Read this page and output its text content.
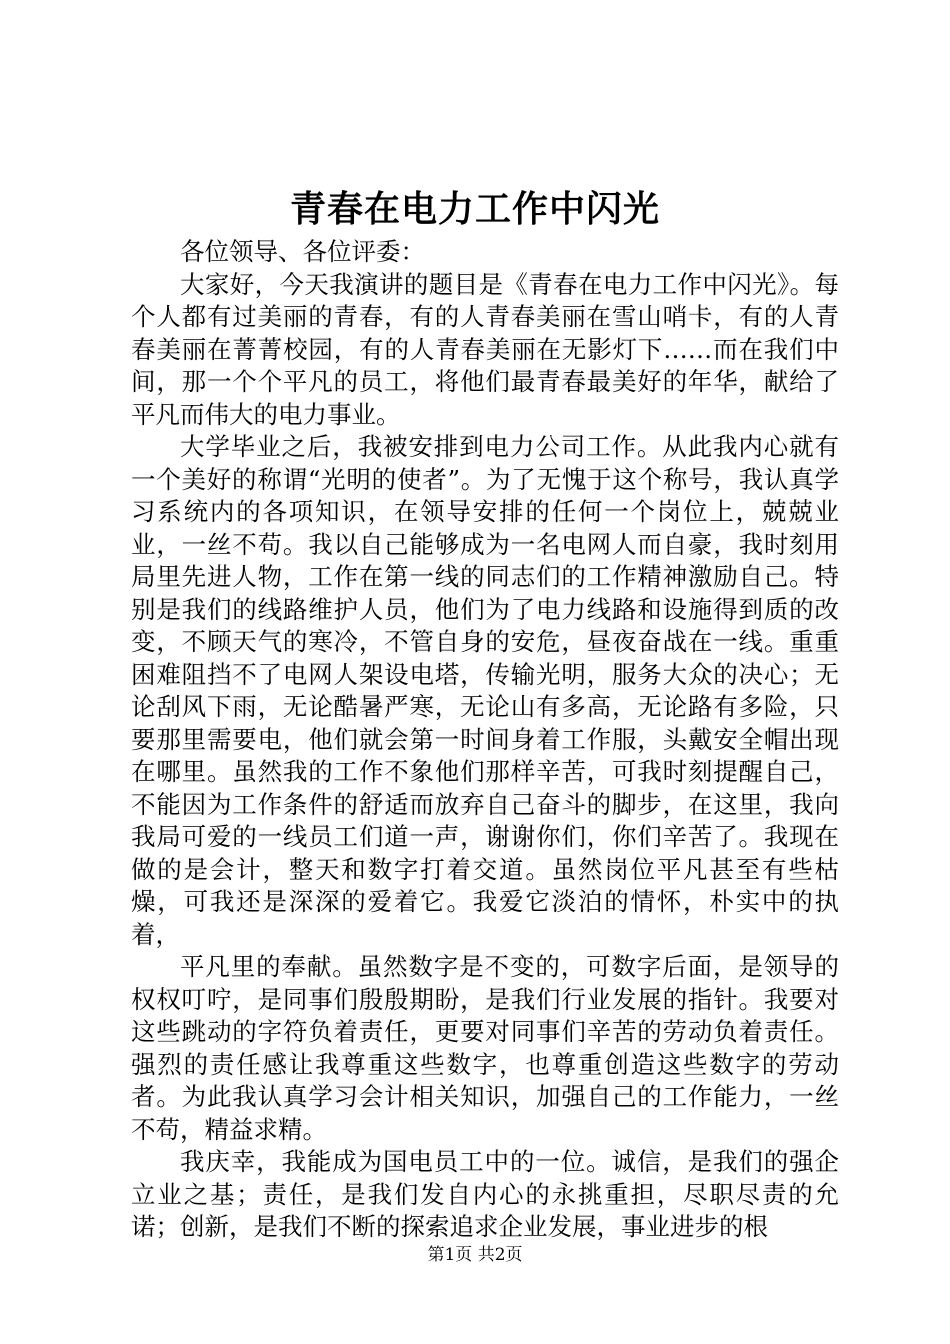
青春在电力工作中闪光

各位领导、各位评委：

大家好，今天我演讲的题目是《青春在电力工作中闪光》。每个人都有过美丽的青春，有的人青春美丽在雪山哨卡，有的人青春美丽在菁菁校园，有的人青春美丽在无影灯下……而在我们中间，那一个个平凡的员工，将他们最青春最美好的年华，献给了平凡而伟大的电力事业。

大学毕业之后，我被安排到电力公司工作。从此我内心就有一个美好的称谓“光明的使者”。为了无愧于这个称号，我认真学习系统内的各项知识，在领导安排的任何一个岗位上，兢兢业业，一丝不苟。我以自己能够成为一名电网人而自豪，我时刻用局里先进人物，工作在第一线的同志们的工作精神激励自己。特别是我们的线路维护人员，他们为了电力线路和设施得到质的改变，不顾天气的寒冷，不管自身的安危，昼夜奋战在一线。重重困难阻挡不了电网人架设电塔，传输光明，服务大众的决心；无论刮风下雨，无论酷暑严寒，无论山有多高，无论路有多险，只要那里需要电，他们就会第一时间身着工作服，头戴安全帽出现在哪里。虽然我的工作不象他们那样辛苦，可我时刻提醒自己，不能因为工作条件的舒适而放弃自己奋斗的脚步，在这里，我向我局可爱的一线员工们道一声，谢谢你们，你们辛苦了。我现在做的是会计，整天和数字打着交道。虽然岗位平凡甚至有些枯燥，可我还是深深的爱着它。我爱它淡泊的情怀，朴实中的执着，

平凡里的奉献。虽然数字是不变的，可数字后面，是领导的权权叮咛，是同事们殷殷期盼，是我们行业发展的指针。我要对这些跳动的字符负着责任，更要对同事们辛苦的劳动负着责任。强烈的责任感让我尊重这些数字，也尊重创造这些数字的劳动者。为此我认真学习会计相关知识，加强自己的工作能力，一丝不苟，精益求精。

我庆幸，我能成为国电员工中的一位。诚信，是我们的强企立业之基；责任，是我们发自内心的永挑重担，尽职尽责的允诺；创新，是我们不断的探索追求企业发展，事业进步的根

第1页 共2页
